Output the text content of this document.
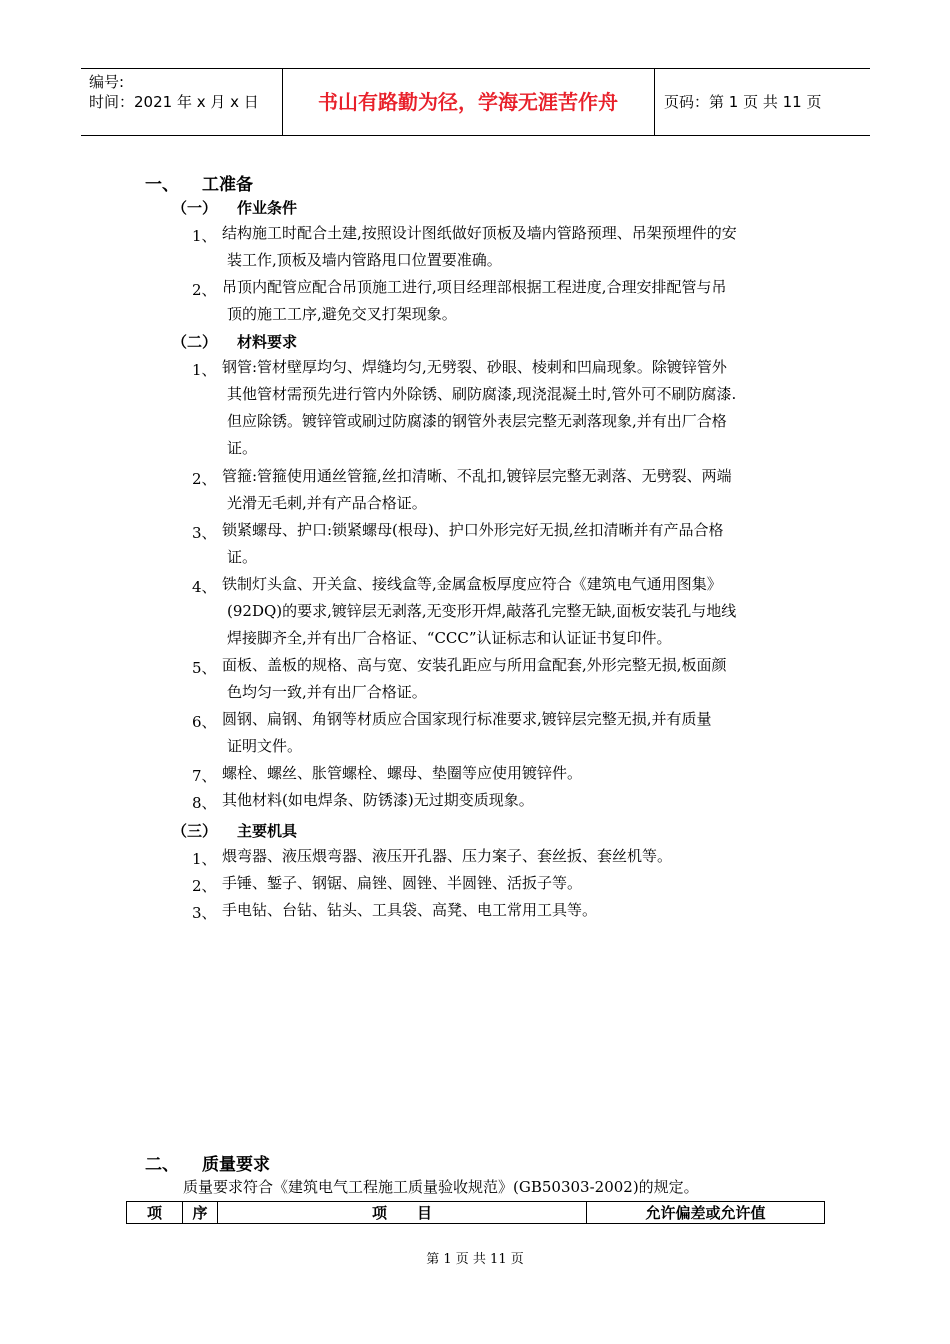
编号:
时间：2021 年 x 月 x 日	书山有路勤为径，学海无涯苦作舟	页码：第 1 页 共 11 页
一、 工准备
（一） 作业条件
1、 结构施工时配合土建,按照设计图纸做好顶板及墙内管路预理、吊架预埋件的安
装工作,顶板及墙内管路甩口位置要准确。
2、 吊顶内配管应配合吊顶施工进行,项目经理部根据工程进度,合理安排配管与吊
顶的施工工序,避免交叉打架现象。
（二） 材料要求
1、 钢管:管材壁厚均匀、焊缝均匀,无劈裂、砂眼、棱刺和凹扁现象。除镀锌管外
其他管材需预先进行管内外除锈、刷防腐漆,现浇混凝土时,管外可不刷防腐漆.
但应除锈。镀锌管或刷过防腐漆的钢管外表层完整无剥落现象,并有出厂合格
证。
2、 管箍:管箍使用通丝管箍,丝扣清晰、不乱扣,镀锌层完整无剥落、无劈裂、两端
光滑无毛刺,并有产品合格证。
3、 锁紧螺母、护口:锁紧螺母(根母)、护口外形完好无损,丝扣清晰并有产品合格
证。
4、 铁制灯头盒、开关盒、接线盒等,金属盒板厚度应符合《建筑电气通用图集》
(92DQ)的要求,镀锌层无剥落,无变形开焊,敲落孔完整无缺,面板安装孔与地线
焊接脚齐全,并有出厂合格证、“CCC”认证标志和认证证书复印件。
5、 面板、盖板的规格、高与宽、安装孔距应与所用盒配套,外形完整无损,板面颜
色均匀一致,并有出厂合格证。
6、 圆钢、扁钢、角钢等材质应合国家现行标准要求,镀锌层完整无损,并有质量
证明文件。
7、 螺栓、螺丝、胀管螺栓、螺母、垫圈等应使用镀锌件。
8、 其他材料(如电焊条、防锈漆)无过期变质现象。
（三） 主要机具
1、 煨弯器、液压煨弯器、液压开孔器、压力案子、套丝扳、套丝机等。
2、 手锤、錾子、钢锯、扁锉、圆锉、半圆锉、活扳子等。
3、 手电钻、台钻、钻头、工具袋、高凳、电工常用工具等。
二、 质量要求
质量要求符合《建筑电气工程施工质量验收规范》(GB50303-2002)的规定。
项	序	项　　目	允许偏差或允许值
第 1 页 共 11 页
